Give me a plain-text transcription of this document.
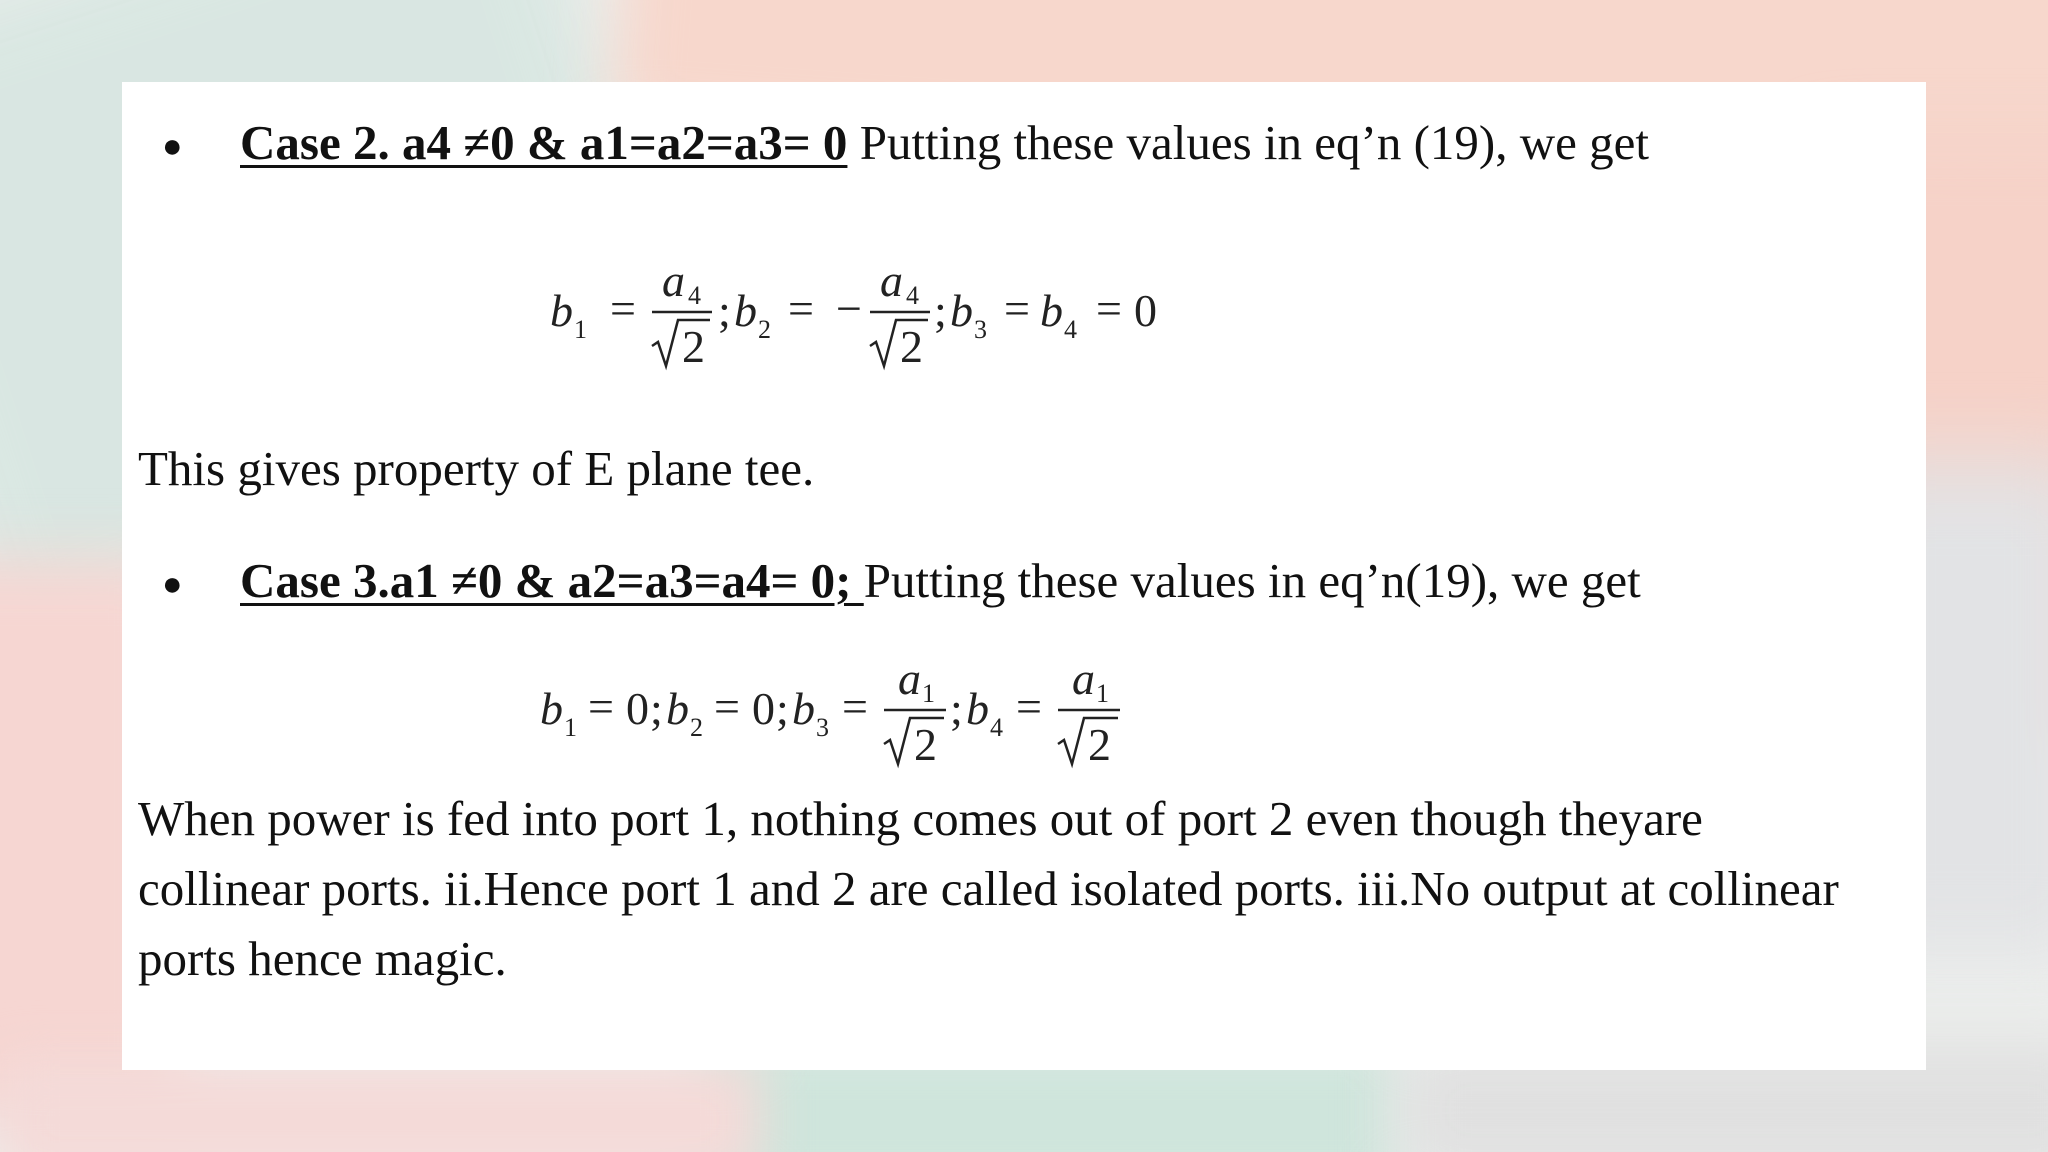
● Case 2. a4 ≠0 & a1=a2=a3= 0 Putting these values in eq’n (19), we get
b 1 =
a 4
2
; b 2 = −
a 4
2
; b 3 = b 4 = 0
This gives property of E plane tee.
● Case 3.a1 ≠0 & a2=a3=a4= 0; Putting these values in eq’n(19), we get
b 1 = 0 ; b 2 = 0 ; b 3 =
a 1
2
; b 4 =
a 1
2
When power is fed into port 1, nothing comes out of port 2 even though theyare
collinear ports. ii.Hence port 1 and 2 are called isolated ports. iii.No output at collinear
ports hence magic.
